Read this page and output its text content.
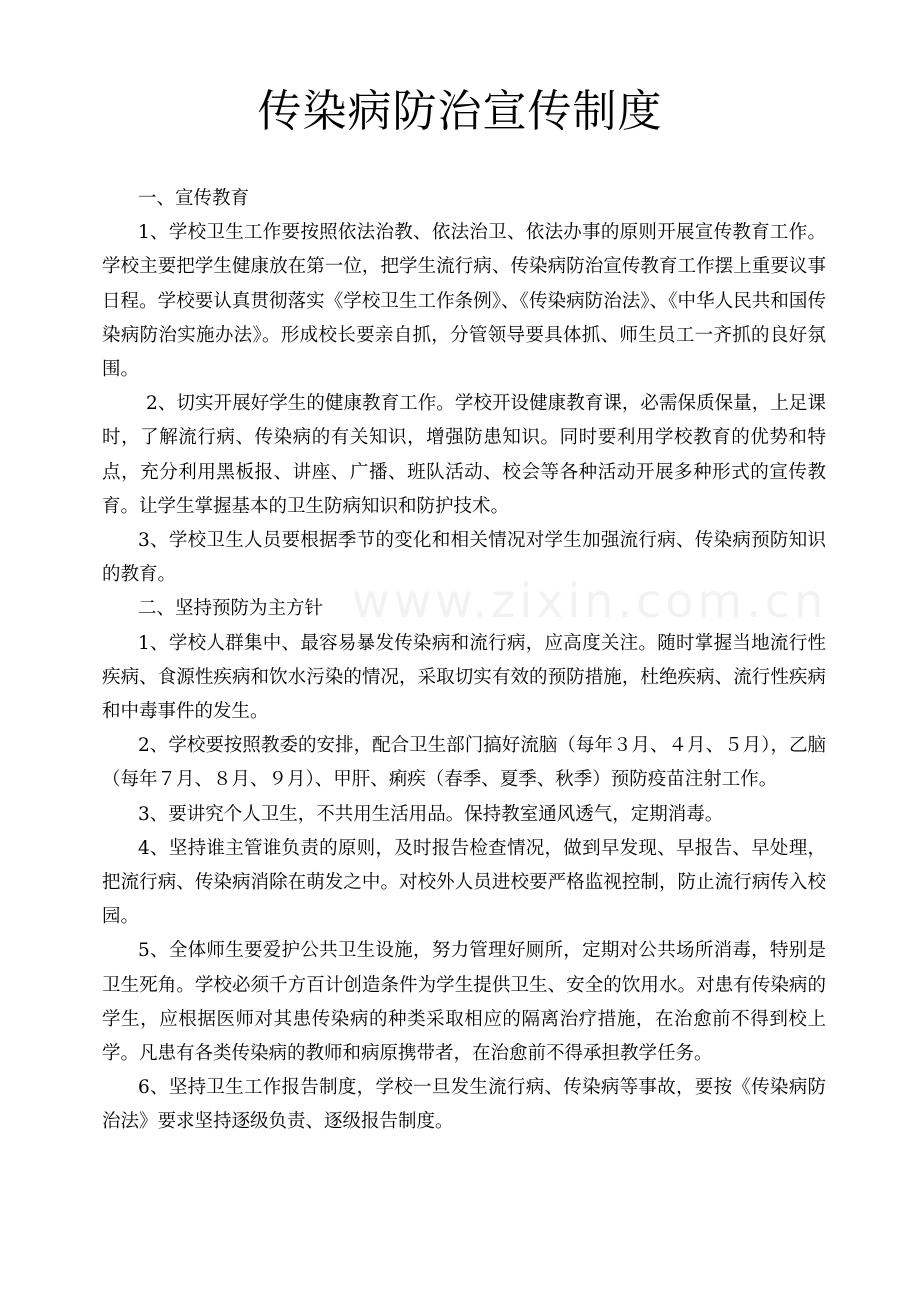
www.zixin.com.cn
传染病防治宣传制度

一、宣传教育

1、学校卫生工作要按照依法治教、依法治卫、依法办事的原则开展宣传教育工作。学校主要把学生健康放在第一位，把学生流行病、传染病防治宣传教育工作摆上重要议事日程。学校要认真贯彻落实《学校卫生工作条例》、《传染病防治法》、《中华人民共和国传染病防治实施办法》。形成校长要亲自抓，分管领导要具体抓、师生员工一齐抓的良好氛围。

2、切实开展好学生的健康教育工作。学校开设健康教育课，必需保质保量，上足课时，了解流行病、传染病的有关知识，增强防患知识。同时要利用学校教育的优势和特点，充分利用黑板报、讲座、广播、班队活动、校会等各种活动开展多种形式的宣传教育。让学生掌握基本的卫生防病知识和防护技术。

3、学校卫生人员要根据季节的变化和相关情况对学生加强流行病、传染病预防知识的教育。

二、坚持预防为主方针

1、学校人群集中、最容易暴发传染病和流行病，应高度关注。随时掌握当地流行性疾病、食源性疾病和饮水污染的情况，采取切实有效的预防措施，杜绝疾病、流行性疾病和中毒事件的发生。

2、学校要按照教委的安排，配合卫生部门搞好流脑（每年３月、４月、５月），乙脑（每年７月、８月、９月）、甲肝、痢疾（春季、夏季、秋季）预防疫苗注射工作。

3、要讲究个人卫生，不共用生活用品。保持教室通风透气，定期消毒。

4、坚持谁主管谁负责的原则，及时报告检查情况，做到早发现、早报告、早处理，把流行病、传染病消除在萌发之中。对校外人员进校要严格监视控制，防止流行病传入校园。

5、全体师生要爱护公共卫生设施，努力管理好厕所，定期对公共场所消毒，特别是卫生死角。学校必须千方百计创造条件为学生提供卫生、安全的饮用水。对患有传染病的学生，应根据医师对其患传染病的种类采取相应的隔离治疗措施，在治愈前不得到校上学。凡患有各类传染病的教师和病原携带者，在治愈前不得承担教学任务。

6、坚持卫生工作报告制度，学校一旦发生流行病、传染病等事故，要按《传染病防治法》要求坚持逐级负责、逐级报告制度。
